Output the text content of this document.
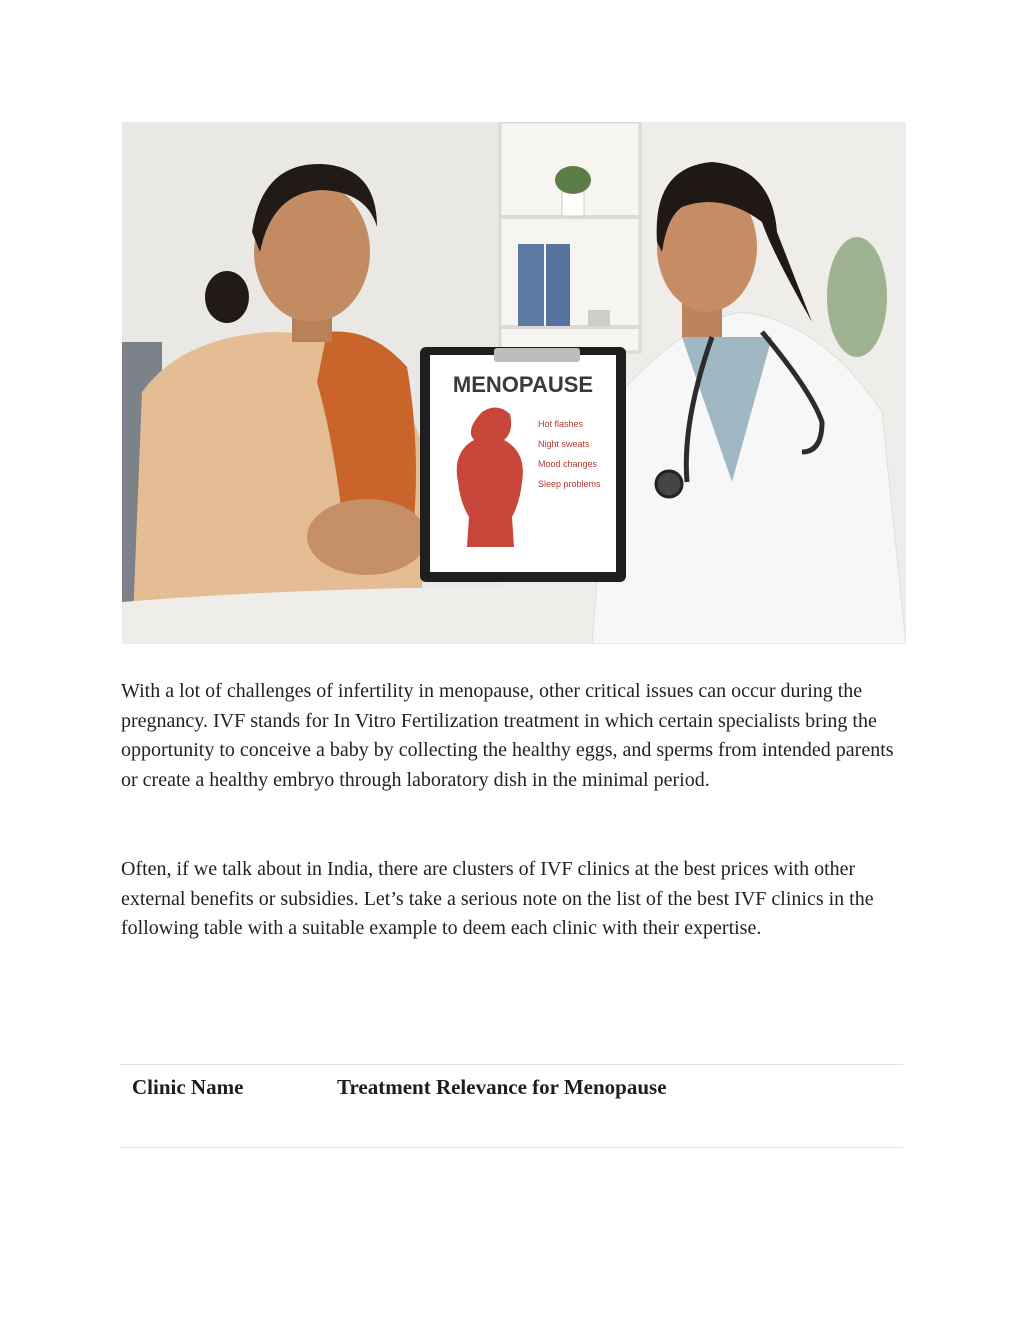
MENOPAUSE
Hot flashes
Night sweats
Mood changes
Sleep problems

With a lot of challenges of infertility in menopause, other critical issues can occur during the pregnancy. IVF stands for In Vitro Fertilization treatment in which certain specialists bring the opportunity to conceive a baby by collecting the healthy eggs, and sperms from intended parents or create a healthy embryo through laboratory dish in the minimal period.

Often, if we talk about in India, there are clusters of IVF clinics at the best prices with other external benefits or subsidies. Let’s take a serious note on the list of the best IVF clinics in the following table with a suitable example to deem each clinic with their expertise.

Clinic Name	Treatment Relevance for Menopause
